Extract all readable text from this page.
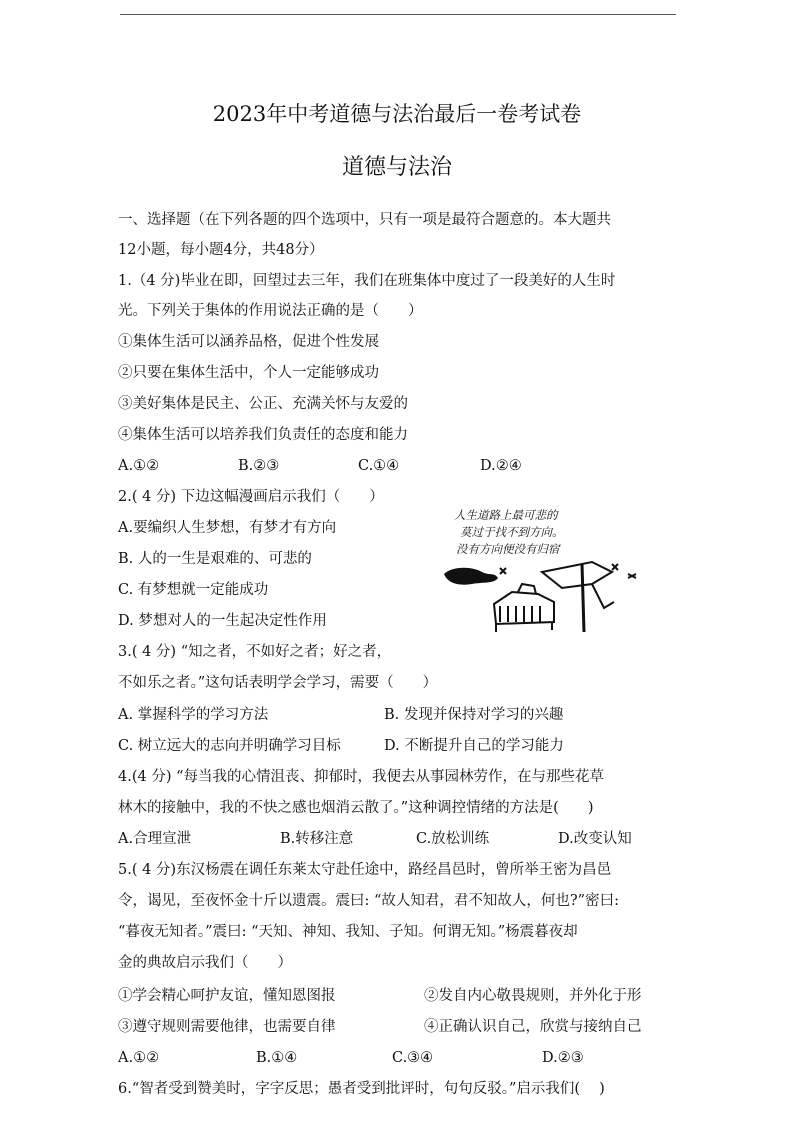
2023年中考道德与法治最后一卷考试卷
道德与法治
一、选择题（在下列各题的四个选项中，只有一项是最符合题意的。本大题共
12小题，每小题4分，共48分）
1.（4 分)毕业在即，回望过去三年，我们在班集体中度过了一段美好的人生时
光。下列关于集体的作用说法正确的是（　　）
①集体生活可以涵养品格，促进个性发展
②只要在集体生活中，个人一定能够成功
③美好集体是民主、公正、充满关怀与友爱的
④集体生活可以培养我们负责任的态度和能力
A.①②	B.②③	C.①④	D.②④
2.( 4 分) 下边这幅漫画启示我们（　　）
A.要编织人生梦想，有梦才有方向
B. 人的一生是艰难的、可悲的
C. 有梦想就一定能成功
D. 梦想对人的一生起决定性作用
人生道路上最可悲的
莫过于找不到方向。
没有方向便没有归宿
3.( 4 分) “知之者，不如好之者；好之者，
不如乐之者。”这句话表明学会学习，需要（　　）
A. 掌握科学的学习方法	B. 发现并保持对学习的兴趣
C. 树立远大的志向并明确学习目标	D. 不断提升自己的学习能力
4.(4 分) “每当我的心情沮丧、抑郁时，我便去从事园林劳作，在与那些花草
林木的接触中，我的不快之感也烟消云散了。”这种调控情绪的方法是(　　)
A.合理宣泄	B.转移注意	C.放松训练	D.改变认知
5.( 4 分)东汉杨震在调任东莱太守赴任途中，路经昌邑时，曾所举王密为昌邑
令，谒见，至夜怀金十斤以遗震。震曰: “故人知君，君不知故人，何也?”密曰:
“暮夜无知者。”震曰: “天知、神知、我知、子知。何谓无知。”杨震暮夜却
金的典故启示我们（　　）
①学会精心呵护友谊，懂知恩图报	②发自内心敬畏规则，并外化于形
③遵守规则需要他律，也需要自律	④正确认识自己，欣赏与接纳自己
A.①②	B.①④	C.③④	D.②③
6.“智者受到赞美时，字字反思；愚者受到批评时，句句反驳。”启示我们(　 )
